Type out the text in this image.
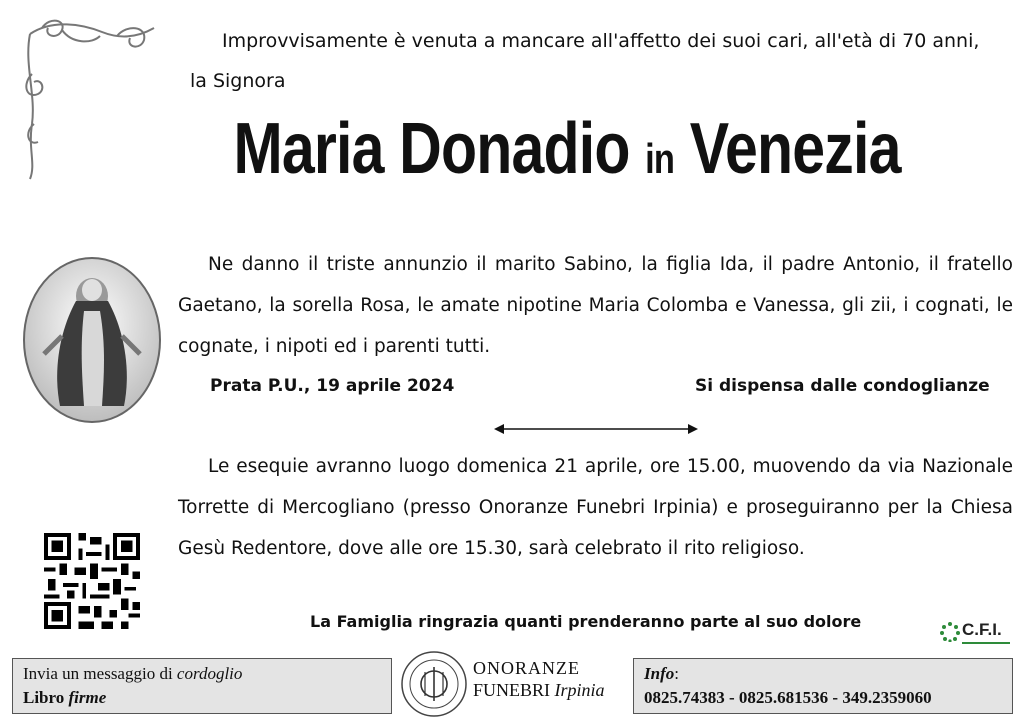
Improvvisamente è venuta a mancare all'affetto dei suoi cari, all'età di 70 anni,
la Signora
Maria Donadio in Venezia
Ne danno il triste annunzio il marito Sabino, la figlia Ida, il padre Antonio, il fratello Gaetano, la sorella Rosa, le amate nipotine Maria Colomba e Vanessa, gli zii, i cognati, le cognate, i nipoti ed i parenti tutti.
Prata P.U., 19 aprile 2024	Si dispensa dalle condoglianze
Le esequie avranno luogo domenica 21 aprile, ore 15.00, muovendo da via Nazionale Torrette di Mercogliano (presso Onoranze Funebri Irpinia) e proseguiranno per la Chiesa Gesù Redentore, dove alle ore 15.30, sarà celebrato il rito religioso.
La Famiglia ringrazia quanti prenderanno parte al suo dolore	C.F.I.
Invia un messaggio di cordoglio
Libro firme
ONORANZE
FUNEBRI Irpinia
Info:
0825.74383 - 0825.681536 - 349.2359060
